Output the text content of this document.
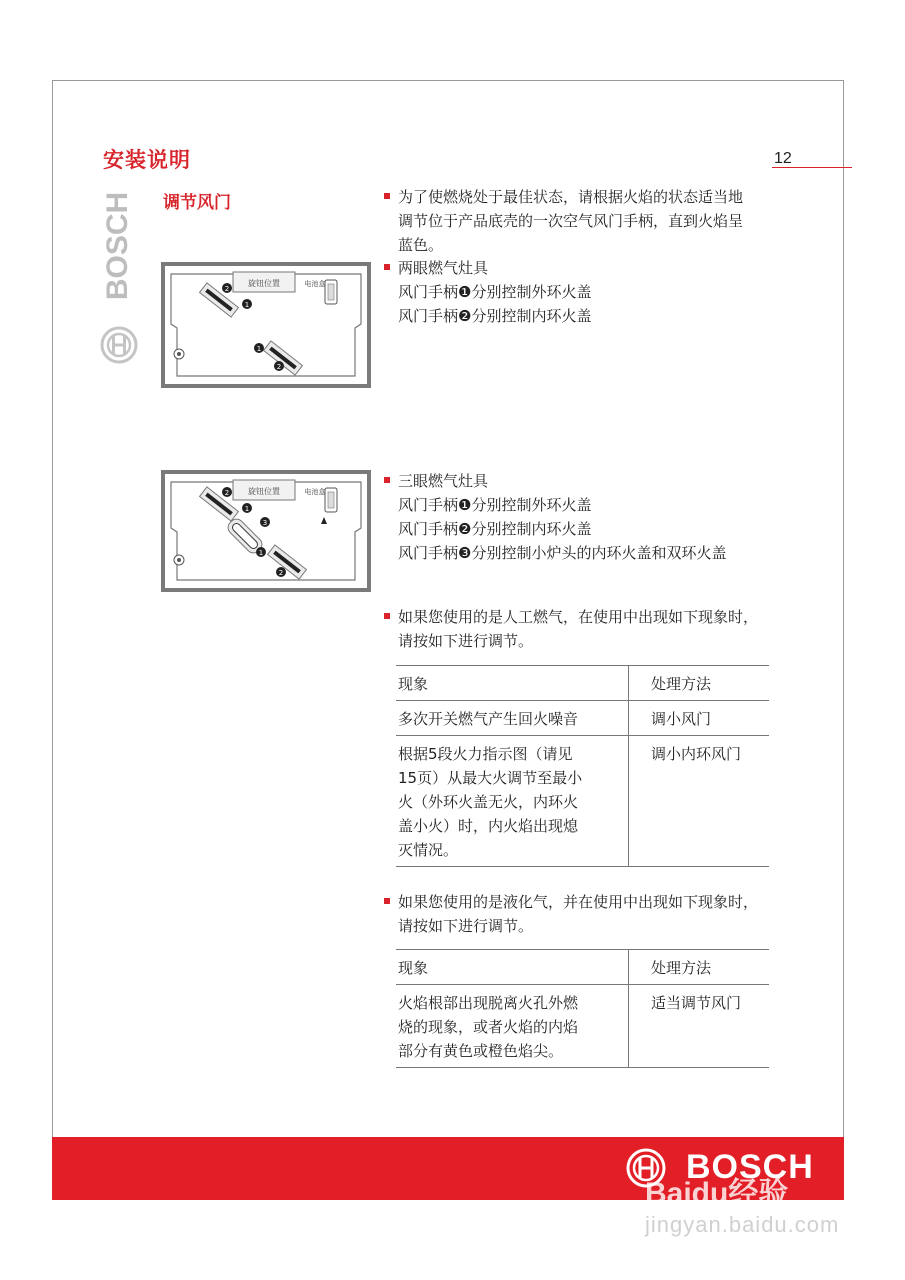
12
安装说明
调节风门
BOSCH	旋钮位置	电池盒
2
1
1
2
旋钮位置	电池盒
2
1
3
1
2
为了使燃烧处于最佳状态，请根据火焰的状态适当地
调节位于产品底壳的一次空气风门手柄，直到火焰呈
蓝色。
两眼燃气灶具
风门手柄❶分别控制外环火盖
风门手柄❷分别控制内环火盖
三眼燃气灶具
风门手柄❶分别控制外环火盖
风门手柄❷分别控制内环火盖
风门手柄❸分别控制小炉头的内环火盖和双环火盖
如果您使用的是人工燃气，在使用中出现如下现象时，
请按如下进行调节。
现象	处理方法

多次开关燃气产生回火噪音	调小风门

根据5段火力指示图（请见
15页）从最大火调节至最小
火（外环火盖无火，内环火
盖小火）时，内火焰出现熄
灭情况。	调小内环风门
如果您使用的是液化气，并在使用中出现如下现象时，
请按如下进行调节。
现象	处理方法

火焰根部出现脱离火孔外燃
烧的现象，或者火焰的内焰
部分有黄色或橙色焰尖。	适当调节风门
BOSCH
Baidu经验
jingyan.baidu.com
